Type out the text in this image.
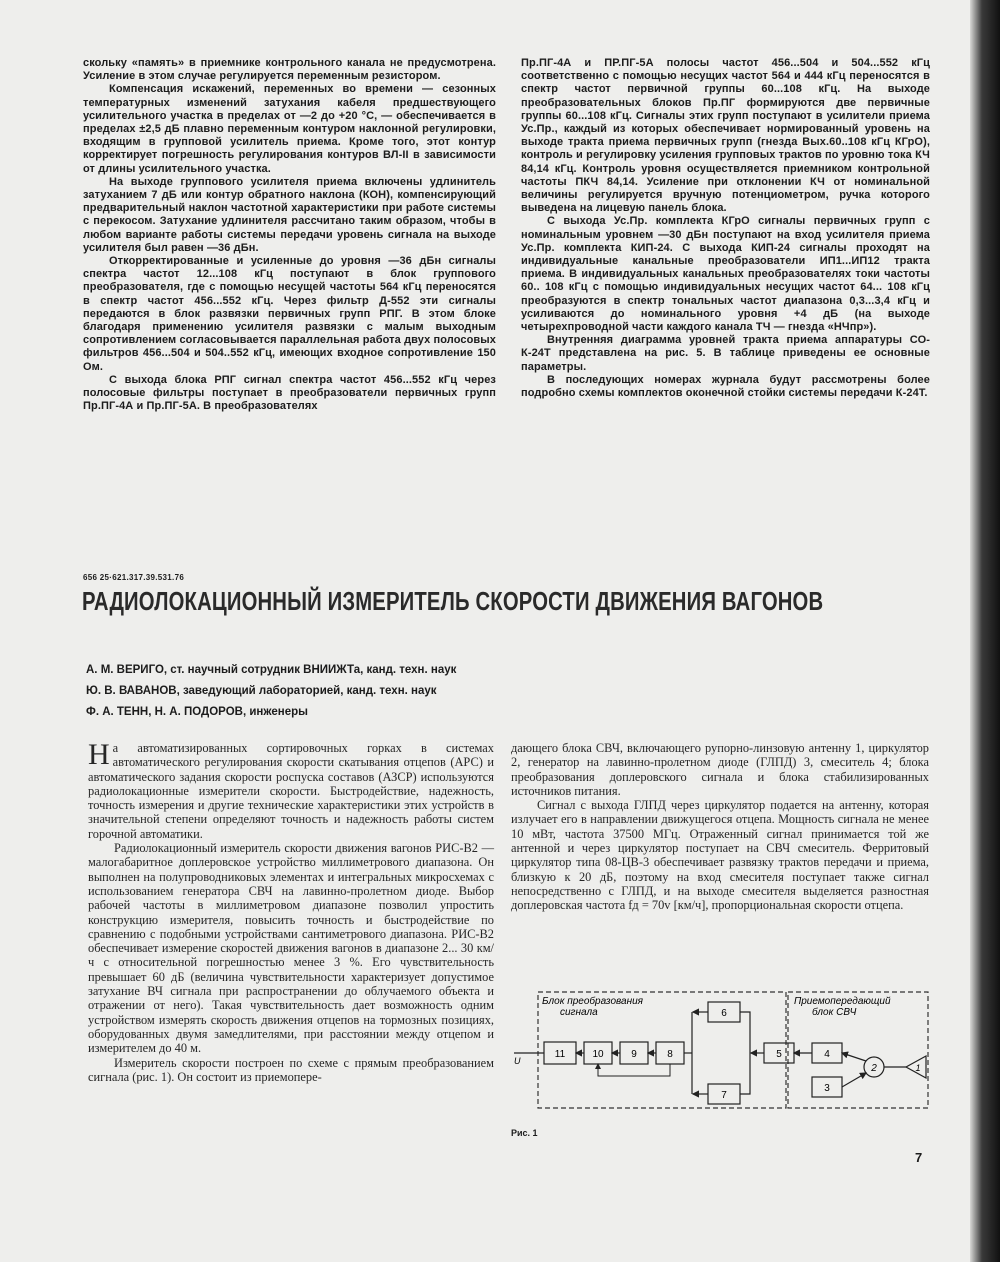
скольку «память» в приемнике контрольного канала не предусмотрена. Усиление в этом случае регулируется переменным резистором.

Компенсация искажений, переменных во времени — сезонных температурных изменений затухания кабеля предшествующего усилительного участка в пределах от —2 до +20 °С, — обеспечивается в пределах ±2,5 дБ плавно переменным контуром наклонной регулировки, входящим в групповой усилитель приема. Кроме того, этот контур корректирует погрешность регулирования контуров ВЛ-II в зависимости от длины усилительного участка.

На выходе группового усилителя приема включены удлинитель затуханием 7 дБ или контур обратного наклона (КОН), компенсирующий предварительный наклон частотной характеристики при работе системы с перекосом. Затухание удлинителя рассчитано таким образом, чтобы в любом варианте работы системы передачи уровень сигнала на выходе усилителя был равен —36 дБн.

Откорректированные и усиленные до уровня —36 дБн сигналы спектра частот 12...108 кГц поступают в блок группового преобразователя, где с помощью несущей частоты 564 кГц переносятся в спектр частот 456...552 кГц. Через фильтр Д-552 эти сигналы передаются в блок развязки первичных групп РПГ. В этом блоке благодаря применению усилителя развязки с малым выходным сопротивлением согласовывается параллельная работа двух полосовых фильтров 456...504 и 504..552 кГц, имеющих входное сопротивление 150 Ом.

С выхода блока РПГ сигнал спектра частот 456...552 кГц через полосовые фильтры поступает в преобразователи первичных групп Пр.ПГ-4А и Пр.ПГ-5А. В преобразователях

Пр.ПГ-4А и ПР.ПГ-5А полосы частот 456...504 и 504...552 кГц соответственно с помощью несущих частот 564 и 444 кГц переносятся в спектр частот первичной группы 60...108 кГц. На выходе преобразовательных блоков Пр.ПГ формируются две первичные группы 60...108 кГц. Сигналы этих групп поступают в усилители приема Ус.Пр., каждый из которых обеспечивает нормированный уровень на выходе тракта приема первичных групп (гнезда Вых.60..108 кГц КГрО), контроль и регулировку усиления групповых трактов по уровню тока КЧ 84,14 кГц. Контроль уровня осуществляется приемником контрольной частоты ПКЧ 84,14. Усиление при отклонении КЧ от номинальной величины регулируется вручную потенциометром, ручка которого выведена на лицевую панель блока.

С выхода Ус.Пр. комплекта КГрО сигналы первичных групп с номинальным уровнем —30 дБн поступают на вход усилителя приема Ус.Пр. комплекта КИП-24. С выхода КИП-24 сигналы проходят на индивидуальные канальные преобразователи ИП1...ИП12 тракта приема. В индивидуальных канальных преобразователях токи частоты 60.. 108 кГц с помощью индивидуальных несущих частот 64... 108 кГц преобразуются в спектр тональных частот диапазона 0,3...3,4 кГц и усиливаются до номинального уровня +4 дБ (на выходе четырехпроводной части каждого канала ТЧ — гнезда «НЧпр»).

Внутренняя диаграмма уровней тракта приема аппаратуры СО-К-24Т представлена на рис. 5. В таблице приведены ее основные параметры.

В последующих номерах журнала будут рассмотрены более подробно схемы комплектов оконечной стойки системы передачи К-24Т.

656 25·621.317.39.531.76
РАДИОЛОКАЦИОННЫЙ ИЗМЕРИТЕЛЬ СКОРОСТИ ДВИЖЕНИЯ ВАГОНОВ
А. М. ВЕРИГО, ст. научный сотрудник ВНИИЖТа, канд. техн. наук
Ю. В. ВАВАНОВ, заведующий лабораторией, канд. техн. наук
Ф. А. ТЕНН, Н. А. ПОДОРОВ, инженеры

На автоматизированных сортировочных горках в системах автоматического регулирования скорости скатывания отцепов (АРС) и автоматического задания скорости роспуска составов (АЗСР) используются радиолокационные измерители скорости. Быстродействие, надежность, точность измерения и другие технические характеристики этих устройств в значительной степени определяют точность и надежность работы систем горочной автоматики.

Радиолокационный измеритель скорости движения вагонов РИС-В2 — малогабаритное доплеровское устройство миллиметрового диапазона. Он выполнен на полупроводниковых элементах и интегральных микросхемах с использованием генератора СВЧ на лавинно-пролетном диоде. Выбор рабочей частоты в миллиметровом диапазоне позволил упростить конструкцию измерителя, повысить точность и быстродействие по сравнению с подобными устройствами сантиметрового диапазона. РИС-В2 обеспечивает измерение скоростей движения вагонов в диапазоне 2... 30 км/ч с относительной погрешностью менее 3 %. Его чувствительность превышает 60 дБ (величина чувствительности характеризует допустимое затухание ВЧ сигнала при распространении до облучаемого объекта и отражении от него). Такая чувствительность дает возможность одним устройством измерять скорость движения отцепов на тормозных позициях, оборудованных двумя замедлителями, при расстоянии между отцепом и измерителем до 40 м.

Измеритель скорости построен по схеме с прямым преобразованием сигнала (рис. 1). Он состоит из приемопере-

дающего блока СВЧ, включающего рупорно-линзовую антенну 1, циркулятор 2, генератор на лавинно-пролетном диоде (ГЛПД) 3, смеситель 4; блока преобразования доплеровского сигнала и блока стабилизированных источников питания.

Сигнал с выхода ГЛПД через циркулятор подается на антенну, которая излучает его в направлении движущегося отцепа. Мощность сигнала не менее 10 мВт, частота 37500 МГц. Отраженный сигнал принимается той же антенной и через циркулятор поступает на СВЧ смеситель. Ферритовый циркулятор типа 08-ЦВ-3 обеспечивает развязку трактов передачи и приема, близкую к 20 дБ, поэтому на вход смесителя поступает также сигнал непосредственно с ГЛПД, и на выходе смесителя выделяется разностная доплеровская частота fд = 70v [км/ч], пропорциональная скорости отцепа.

Блок преобразования
сигнала
Приемопередающий
блок СВЧ
U
11	10	9	8
6
7
5	4
3
2	1
Рис. 1
7
